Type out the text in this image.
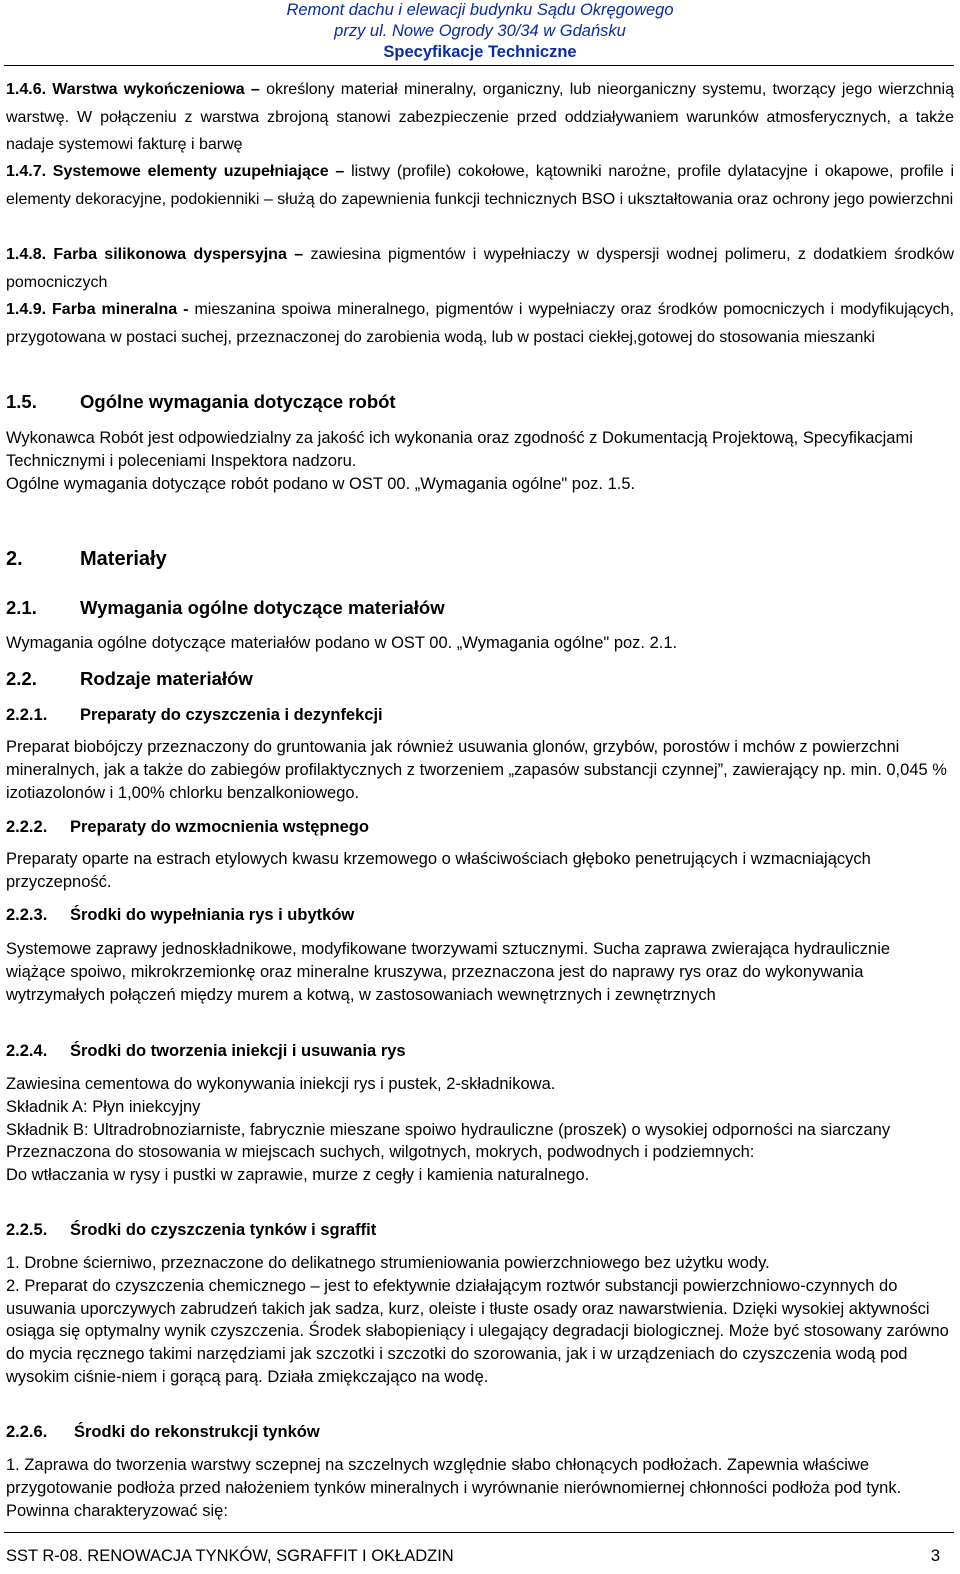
Remont dachu i elewacji budynku Sądu Okręgowego
przy ul. Nowe Ogrody 30/34 w Gdańsku
Specyfikacje Techniczne
1.4.6. Warstwa wykończeniowa – określony materiał mineralny, organiczny, lub nieorganiczny systemu, tworzący jego wierzchnią warstwę. W połączeniu z warstwa zbrojoną stanowi zabezpieczenie przed oddziaływaniem warunków atmosferycznych, a także nadaje systemowi fakturę i barwę
1.4.7. Systemowe elementy uzupełniające – listwy (profile) cokołowe, kątowniki narożne, profile dylatacyjne i okapowe, profile i elementy dekoracyjne, podokienniki – służą do zapewnienia funkcji technicznych BSO i ukształtowania oraz ochrony jego powierzchni
1.4.8. Farba silikonowa dyspersyjna – zawiesina pigmentów i wypełniaczy w dyspersji wodnej polimeru, z dodatkiem środków pomocniczych
1.4.9. Farba mineralna - mieszanina spoiwa mineralnego, pigmentów i wypełniaczy oraz środków pomocniczych i modyfikujących, przygotowana w postaci suchej, przeznaczonej do zarobienia wodą, lub w postaci ciekłej,gotowej do stosowania mieszanki
1.5. Ogólne wymagania dotyczące robót
Wykonawca Robót jest odpowiedzialny za jakość ich wykonania oraz zgodność z Dokumentacją Projektową, Specyfikacjami Technicznymi i poleceniami Inspektora nadzoru.
Ogólne wymagania dotyczące robót podano w OST 00. „Wymagania ogólne" poz. 1.5.
2.	Materiały
2.1. Wymagania ogólne dotyczące materiałów
Wymagania ogólne dotyczące materiałów podano w OST 00. „Wymagania ogólne" poz. 2.1.
2.2. Rodzaje materiałów
2.2.1. Preparaty do czyszczenia i dezynfekcji
Preparat biobójczy przeznaczony do gruntowania jak również usuwania glonów, grzybów, porostów i mchów z powierzchni mineralnych, jak a także do zabiegów profilaktycznych z tworzeniem „zapasów substancji czynnej”, zawierający np. min. 0,045 % izotiazolonów i 1,00% chlorku benzalkoniowego.
2.2.2. Preparaty do wzmocnienia wstępnego
Preparaty oparte na estrach etylowych kwasu krzemowego o właściwościach głęboko penetrujących i wzmacniających przyczepność.
2.2.3. Środki do wypełniania rys i ubytków
Systemowe zaprawy jednoskładnikowe, modyfikowane tworzywami sztucznymi. Sucha zaprawa zwierająca hydraulicznie wiążące spoiwo, mikrokrzemionkę oraz mineralne kruszywa, przeznaczona jest do naprawy rys oraz do wykonywania wytrzymałych połączeń między murem a kotwą, w zastosowaniach wewnętrznych i zewnętrznych
2.2.4. Środki do tworzenia iniekcji i usuwania rys
Zawiesina cementowa do wykonywania iniekcji rys i pustek, 2-składnikowa.
Składnik A: Płyn iniekcyjny
Składnik B: Ultradrobnoziarniste, fabrycznie mieszane spoiwo hydrauliczne (proszek) o wysokiej odporności na siarczany
Przeznaczona do stosowania w miejscach suchych, wilgotnych, mokrych, podwodnych i podziemnych:
Do wtłaczania w rysy i pustki w zaprawie, murze z cegły i kamienia naturalnego.
2.2.5. Środki do czyszczenia tynków i sgraffit
1. Drobne ścierniwo, przeznaczone do delikatnego strumieniowania powierzchniowego bez użytku wody.
2. Preparat do czyszczenia chemicznego – jest to efektywnie działającym roztwór substancji powierzchniowo-czynnych do usuwania uporczywych zabrudzeń takich jak sadza, kurz, oleiste i tłuste osady oraz nawarstwienia. Dzięki wysokiej aktywności osiąga się optymalny wynik czyszczenia. Środek słabopieniący i ulegający degradacji biologicznej. Może być stosowany zarówno do mycia ręcznego takimi narzędziami jak szczotki i szczotki do szorowania, jak i w urządzeniach do czyszczenia wodą pod wysokim ciśnie-niem i gorącą parą. Działa zmiękczająco na wodę.
2.2.6. Środki do rekonstrukcji tynków
1. Zaprawa do tworzenia warstwy sczepnej na szczelnych względnie słabo chłonących podłożach. Zapewnia właściwe przygotowanie podłoża przed nałożeniem tynków mineralnych i wyrównanie nierównomiernej chłonności podłoża pod tynk. Powinna charakteryzować się:
SST R-08. RENOWACJA TYNKÓW, SGRAFFIT I OKŁADZIN	3
